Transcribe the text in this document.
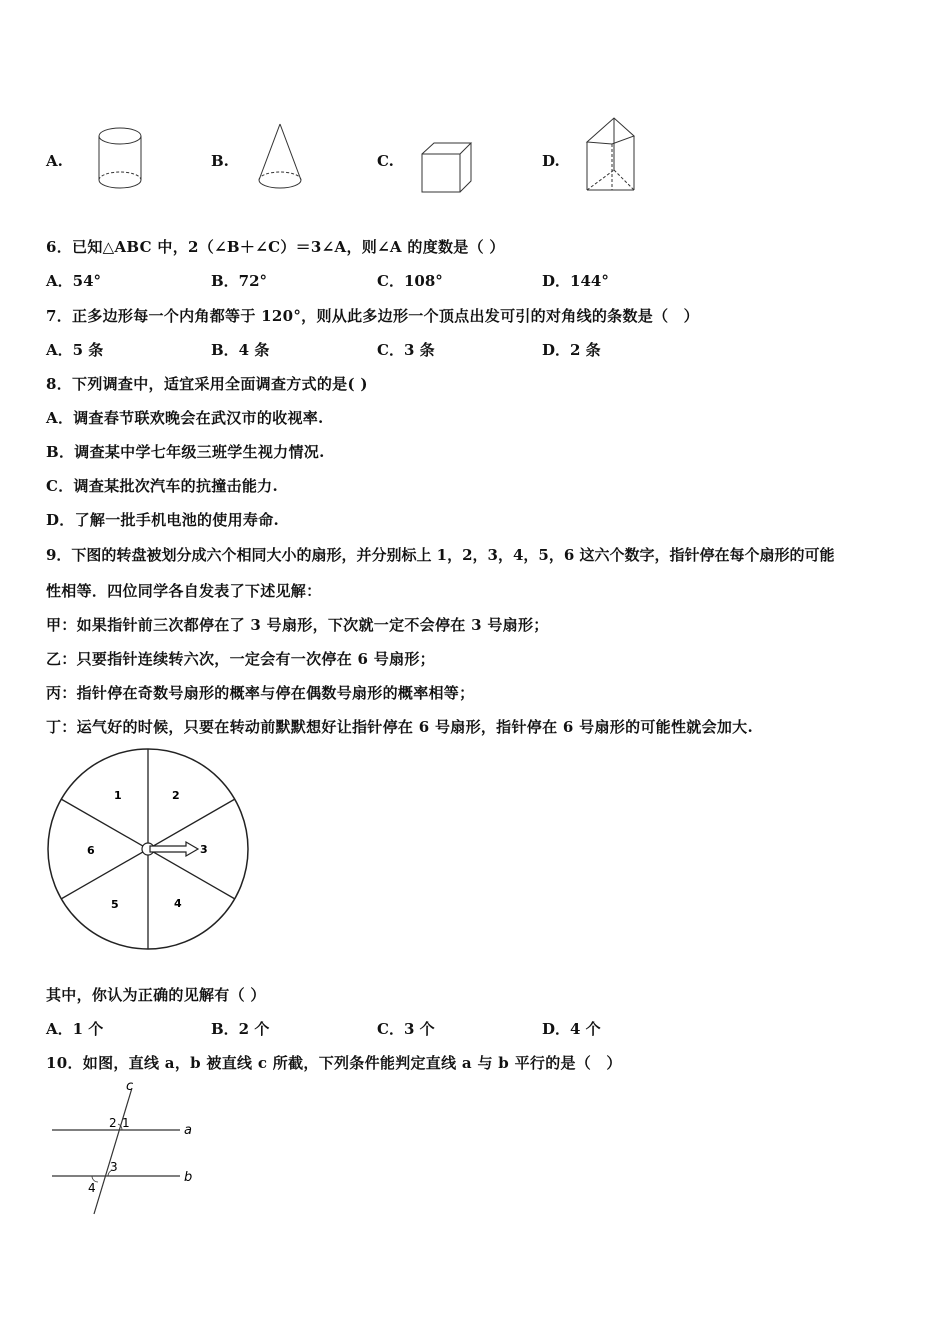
A.	B.	C.	D.
6．已知△ABC 中，2（∠B＋∠C）＝3∠A，则∠A 的度数是（ ）
A．54°	B．72°	C．108°	D．144°
7．正多边形每一个内角都等于 120°，则从此多边形一个顶点出发可引的对角线的条数是（　）
A．5 条	B．4 条	C．3 条	D．2 条
8．下列调查中，适宜采用全面调查方式的是( )
A．调查春节联欢晚会在武汉市的收视率.
B．调查某中学七年级三班学生视力情况.
C．调查某批次汽车的抗撞击能力.
D．了解一批手机电池的使用寿命.
9．下图的转盘被划分成六个相同大小的扇形，并分别标上 1，2，3，4，5，6 这六个数字，指针停在每个扇形的可能
性相等．四位同学各自发表了下述见解：
甲：如果指针前三次都停在了 3 号扇形，下次就一定不会停在 3 号扇形；
乙：只要指针连续转六次，一定会有一次停在 6 号扇形；
丙：指针停在奇数号扇形的概率与停在偶数号扇形的概率相等；
丁：运气好的时候，只要在转动前默默想好让指针停在 6 号扇形，指针停在 6 号扇形的可能性就会加大.
1	2
3
4
5
6
其中，你认为正确的见解有（ ）
A．1 个	B．2 个	C．3 个	D．4 个
10．如图，直线 a，b 被直线 c 所截，下列条件能判定直线 a 与 b 平行的是（　）
c
a
b
1
2
3
4
